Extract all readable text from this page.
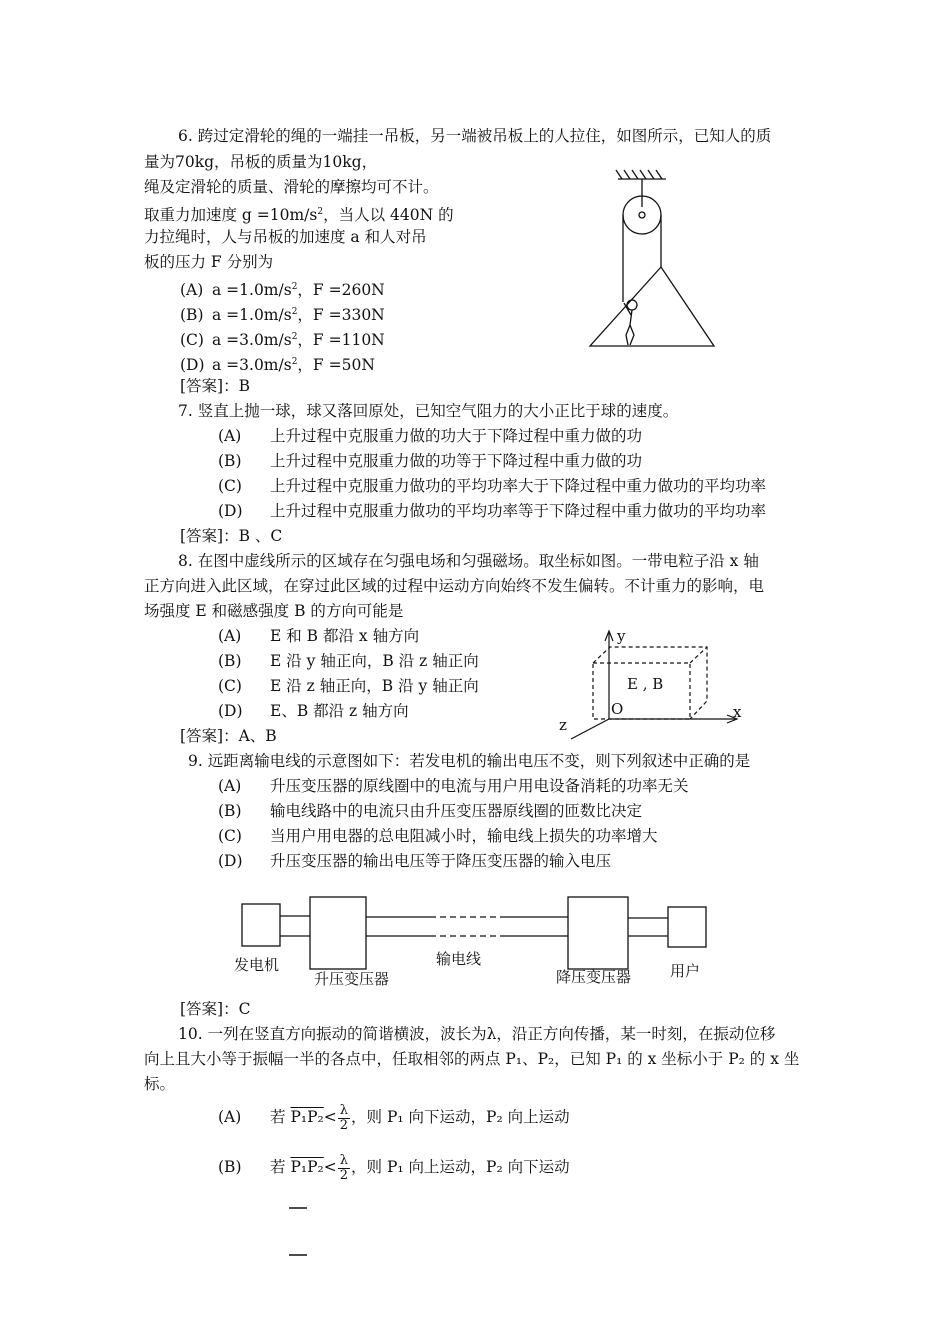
6. 跨过定滑轮的绳的一端挂一吊板，另一端被吊板上的人拉住，如图所示，已知人的质
量为70kg，吊板的质量为10kg，
绳及定滑轮的质量、滑轮的摩擦均可不计。
取重力加速度 $g =10m/s^2$，当人以 440N 的
力拉绳时，人与吊板的加速度 a 和人对吊
板的压力 F 分别为
(A) $a =1.0m/s^2$，F =260N
(B) $a =1.0m/s^2$，F =330N
(C) $a =3.0m/s^2$，F =110N
(D) $a =3.0m/s^2$，F =50N
[答案]：B
7. 竖直上抛一球，球又落回原处，已知空气阻力的大小正比于球的速度。
(A) 上升过程中克服重力做的功大于下降过程中重力做的功
(B) 上升过程中克服重力做的功等于下降过程中重力做的功
(C) 上升过程中克服重力做功的平均功率大于下降过程中重力做功的平均功率
(D) 上升过程中克服重力做功的平均功率等于下降过程中重力做功的平均功率
[答案]：B 、C
8. 在图中虚线所示的区域存在匀强电场和匀强磁场。取坐标如图。一带电粒子沿 x 轴
正方向进入此区域，在穿过此区域的过程中运动方向始终不发生偏转。不计重力的影响，电
场强度 E 和磁感强度 B 的方向可能是
(A) E 和 B 都沿 x 轴方向
(B) E 沿 y 轴正向，B 沿 z 轴正向
(C) E 沿 z 轴正向，B 沿 y 轴正向
(D) E、B 都沿 z 轴方向
[答案]：A、B
y
x
z
O
E , B
9. 远距离输电线的示意图如下：若发电机的输出电压不变，则下列叙述中正确的是
(A) 升压变压器的原线圈中的电流与用户用电设备消耗的功率无关
(B) 输电线路中的电流只由升压变压器原线圈的匝数比决定
(C) 当用户用电器的总电阻减小时，输电线上损失的功率增大
(D) 升压变压器的输出电压等于降压变压器的输入电压
发电机
升压变压器
输电线
降压变压器	用户
[答案]：C
10. 一列在竖直方向振动的简谐横波，波长为λ，沿正方向传播，某一时刻，在振动位移
向上且大小等于振幅一半的各点中，任取相邻的两点 P₁、P₂，已知 P₁ 的 x 坐标小于 P₂ 的 x 坐
标。
(A) 若 $P_1P_2< \frac{\lambda}{2}$ ，则 P₁ 向下运动，P₂ 向上运动
(B) 若 $P_1P_2< \frac{\lambda}{2}$ ，则 P₁ 向上运动，P₂ 向下运动
